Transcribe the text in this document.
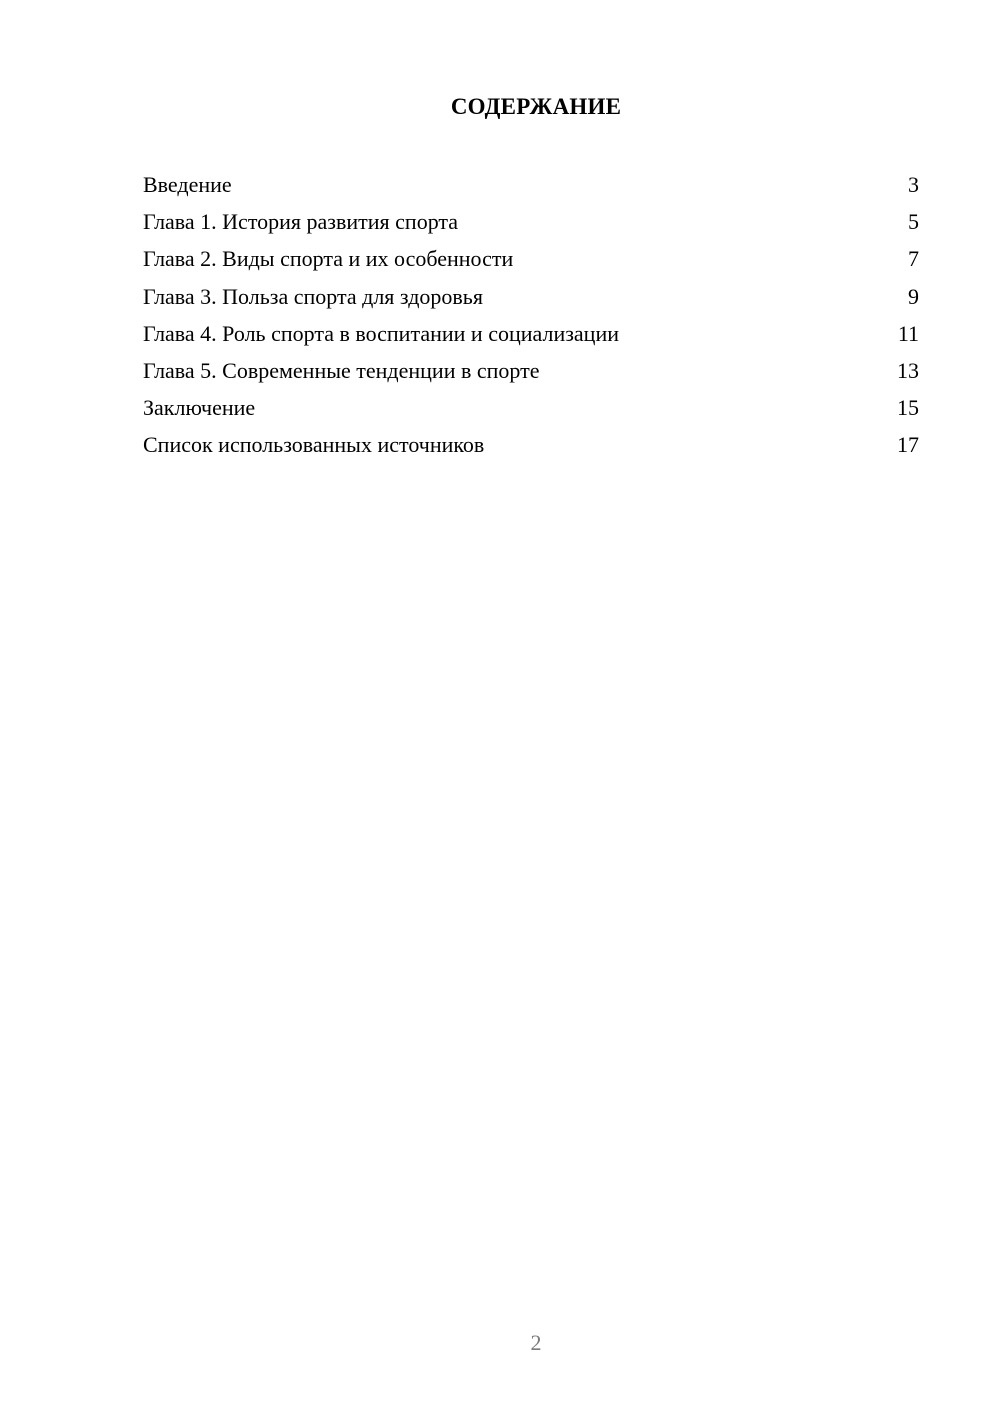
СОДЕРЖАНИЕ
Введение	3
Глава 1. История развития спорта	5
Глава 2. Виды спорта и их особенности	7
Глава 3. Польза спорта для здоровья	9
Глава 4. Роль спорта в воспитании и социализации	11
Глава 5. Современные тенденции в спорте	13
Заключение	15
Список использованных источников	17
2
